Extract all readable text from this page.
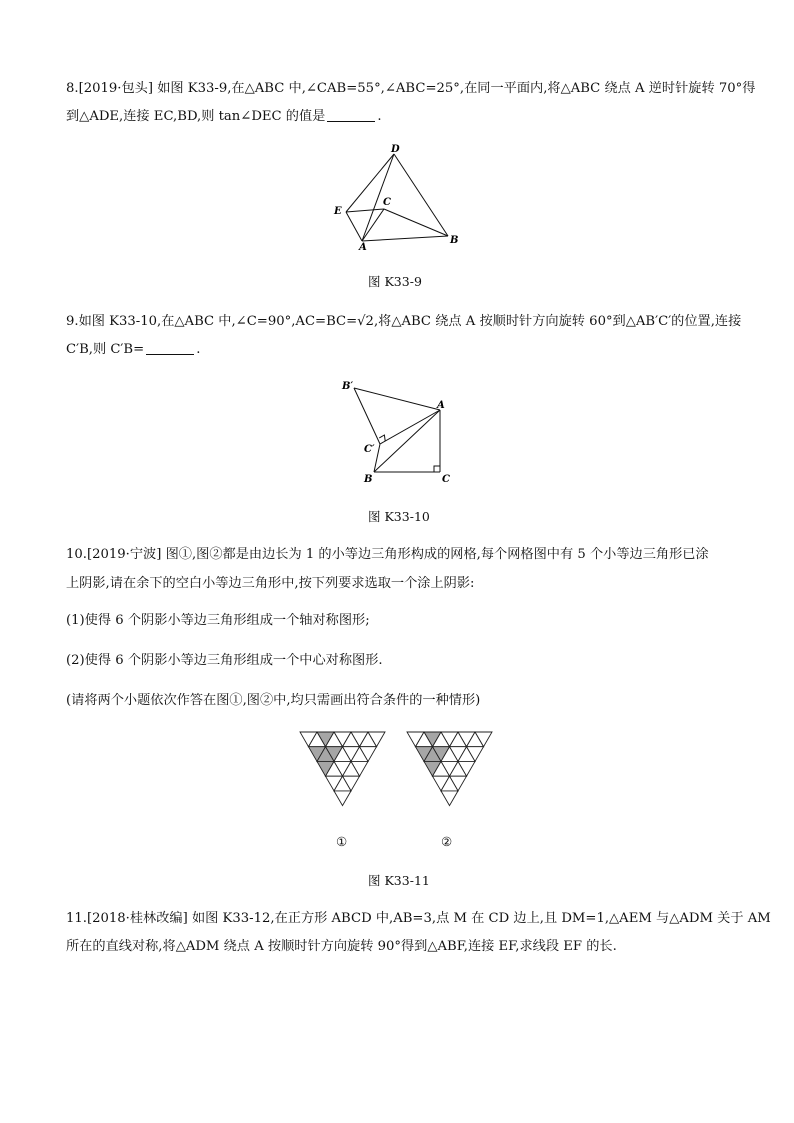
8.[2019·包头] 如图 K33-9,在△ABC 中,∠CAB=55°,∠ABC=25°,在同一平面内,将△ABC 绕点 A 逆时针旋转 70°得
到△ADE,连接 EC,BD,则 tan∠DEC 的值是	.
D
E
C
A
B
图 K33-9
9.如图 K33-10,在△ABC 中,∠C=90°,AC=BC=√2,将△ABC 绕点 A 按顺时针方向旋转 60°到△AB′C′的位置,连接
C′B,则 C′B=	.
B′
A
C′
B	C
图 K33-10
10.[2019·宁波] 图①,图②都是由边长为 1 的小等边三角形构成的网格,每个网格图中有 5 个小等边三角形已涂
上阴影,请在余下的空白小等边三角形中,按下列要求选取一个涂上阴影:
(1)使得 6 个阴影小等边三角形组成一个轴对称图形;
(2)使得 6 个阴影小等边三角形组成一个中心对称图形.
(请将两个小题依次作答在图①,图②中,均只需画出符合条件的一种情形)
①	②
图 K33-11
11.[2018·桂林改编] 如图 K33-12,在正方形 ABCD 中,AB=3,点 M 在 CD 边上,且 DM=1,△AEM 与△ADM 关于 AM
所在的直线对称,将△ADM 绕点 A 按顺时针方向旋转 90°得到△ABF,连接 EF,求线段 EF 的长.
